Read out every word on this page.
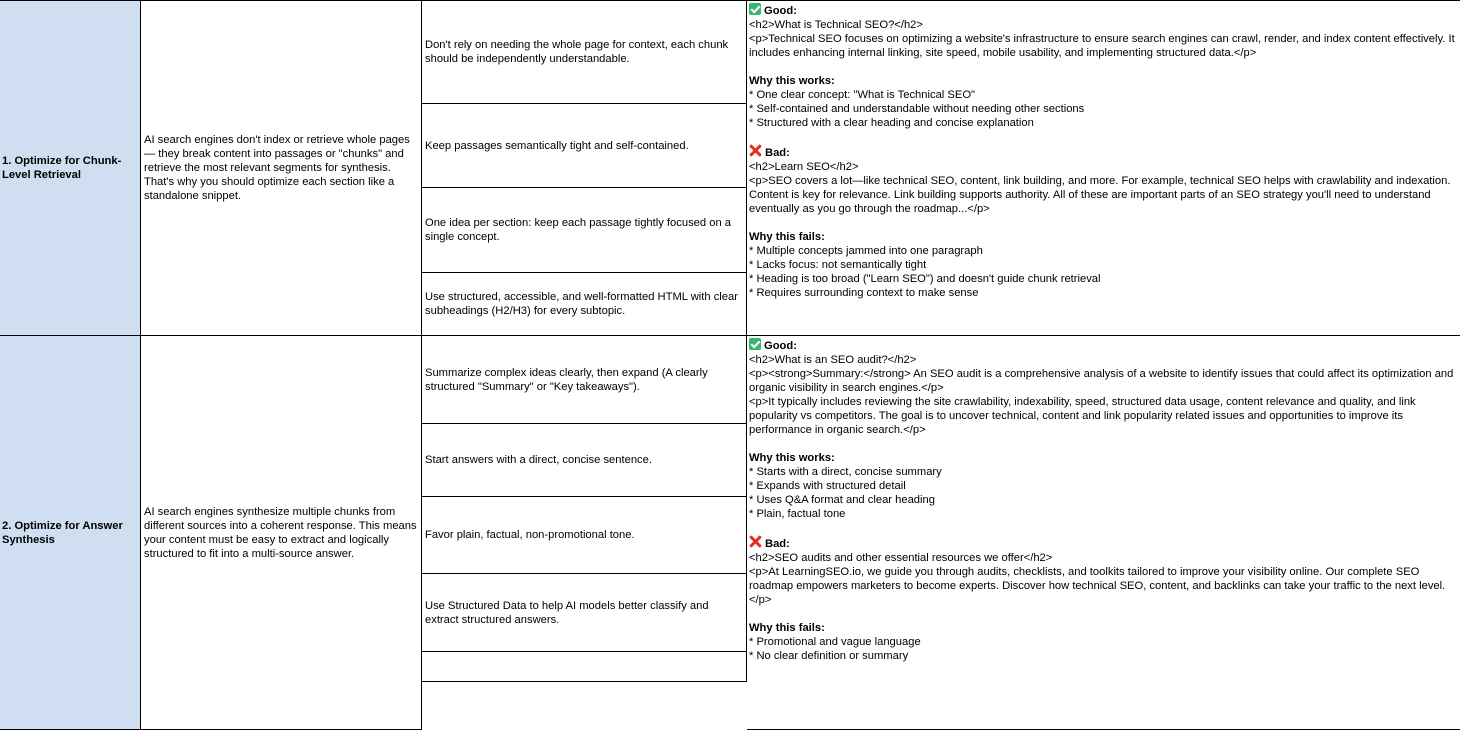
1. Optimize for Chunk-Level Retrieval
AI search engines don't index or retrieve whole pages — they break content into passages or "chunks" and retrieve the most relevant segments for synthesis. That's why you should optimize each section like a standalone snippet.
Don't rely on needing the whole page for context, each chunk should be independently understandable.
Keep passages semantically tight and self-contained.
One idea per section: keep each passage tightly focused on a single concept.
Use structured, accessible, and well-formatted HTML with clear subheadings (H2/H3) for every subtopic.
Good:
<h2>What is Technical SEO?</h2>
<p>Technical SEO focuses on optimizing a website's infrastructure to ensure search engines can crawl, render, and index content effectively. It includes enhancing internal linking, site speed, mobile usability, and implementing structured data.</p>
Why this works:
* One clear concept: "What is Technical SEO"
* Self-contained and understandable without needing other sections
* Structured with a clear heading and concise explanation
Bad:
<h2>Learn SEO</h2>
<p>SEO covers a lot—like technical SEO, content, link building, and more. For example, technical SEO helps with crawlability and indexation. Content is key for relevance. Link building supports authority. All of these are important parts of an SEO strategy you'll need to understand eventually as you go through the roadmap...</p>
Why this fails:
* Multiple concepts jammed into one paragraph
* Lacks focus: not semantically tight
* Heading is too broad ("Learn SEO") and doesn't guide chunk retrieval
* Requires surrounding context to make sense
2. Optimize for Answer Synthesis
AI search engines synthesize multiple chunks from different sources into a coherent response. This means your content must be easy to extract and logically structured to fit into a multi-source answer.
Summarize complex ideas clearly, then expand (A clearly structured "Summary" or "Key takeaways").
Start answers with a direct, concise sentence.
Favor plain, factual, non-promotional tone.
Use Structured Data to help AI models better classify and extract structured answers.
Good:
<h2>What is an SEO audit?</h2>
<p><strong>Summary:</strong> An SEO audit is a comprehensive analysis of a website to identify issues that could affect its optimization and organic visibility in search engines.</p>
<p>It typically includes reviewing the site crawlability, indexability, speed, structured data usage, content relevance and quality, and link popularity vs competitors. The goal is to uncover technical, content and link popularity related issues and opportunities to improve its performance in organic search.</p>
Why this works:
* Starts with a direct, concise summary
* Expands with structured detail
* Uses Q&A format and clear heading
* Plain, factual tone
Bad:
<h2>SEO audits and other essential resources we offer</h2>
<p>At LearningSEO.io, we guide you through audits, checklists, and toolkits tailored to improve your visibility online. Our complete SEO roadmap empowers marketers to become experts. Discover how technical SEO, content, and backlinks can take your traffic to the next level.</p>
Why this fails:
* Promotional and vague language
* No clear definition or summary
